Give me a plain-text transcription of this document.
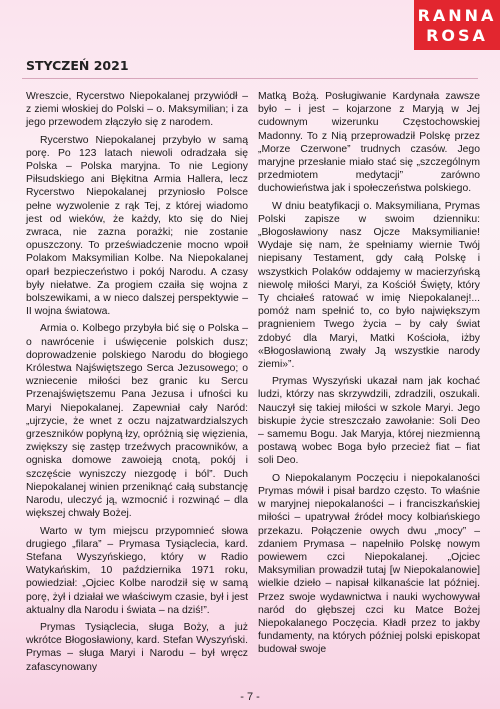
RANNA
ROSA
STYCZEŃ 2021

Wreszcie, Rycerstwo Niepokalanej przywiódł – z ziemi włoskiej do Polski – o. Maksymilian; i za jego przewodem złączyło się z narodem.

Rycerstwo Niepokalanej przybyło w samą porę. Po 123 latach niewoli odradzała się Polska – Polska maryjna. To nie Legiony Piłsudskiego ani Błękitna Armia Hallera, lecz Rycerstwo Niepokalanej przyniosło Polsce pełne wyzwolenie z rąk Tej, z której wiadomo jest od wieków, że każdy, kto się do Niej zwraca, nie zazna porażki; nie zostanie opuszczony. To przeświadczenie mocno wpoił Polakom Maksymilian Kolbe. Na Niepokalanej oparł bezpieczeństwo i pokój Narodu. A czasy były niełatwe. Za progiem czaiła się wojna z bolszewikami, a w nieco dalszej perspektywie – II wojna światowa.

Armia o. Kolbego przybyła bić się o Polska – o nawrócenie i uświęcenie polskich dusz; doprowadzenie polskiego Narodu do błogiego Królestwa Najświętszego Serca Jezusowego; o wzniecenie miłości bez granic ku Sercu Przenajświętszemu Pana Jezusa i ufności ku Maryi Niepokalanej. Zapewniał cały Naród: „ujrzycie, że wnet z oczu najzatwardzialszych grzeszników popłyną łzy, opróżnią się więzienia, zwiększy się zastęp trzeźwych pracowników, a ogniska domowe zawoieją cnotą, pokój i szczęście wyniszczy niezgodę i ból”. Duch Niepokalanej winien przeniknąć całą substancję Narodu, uleczyć ją, wzmocnić i rozwinąć – dla większej chwały Bożej.

Warto w tym miejscu przypomnieć słowa drugiego „filara” – Prymasa Tysiąclecia, kard. Stefana Wyszyńskiego, który w Radio Watykańskim, 10 października 1971 roku, powiedział: „Ojciec Kolbe narodził się w samą porę, żył i działał we właściwym czasie, był i jest aktualny dla Narodu i świata – na dziś!”.

Prymas Tysiąclecia, sługa Boży, a już wkrótce Błogosławiony, kard. Stefan Wyszyński. Prymas – sługa Maryi i Narodu – był wręcz zafascynowany

Matką Bożą. Posługiwanie Kardynała zawsze było – i jest – kojarzone z Maryją w Jej cudownym wizerunku Częstochowskiej Madonny. To z Nią przeprowadził Polskę przez „Morze Czerwone” trudnych czasów. Jego maryjne przesłanie miało stać się „szczególnym przedmiotem medytacji” zarówno duchowieństwa jak i społeczeństwa polskiego.

W dniu beatyfikacji o. Maksymiliana, Prymas Polski zapisze w swoim dzienniku: „Błogosławiony nasz Ojcze Maksymilianie! Wydaje się nam, że spełniamy wiernie Twój niepisany Testament, gdy całą Polskę i wszystkich Polaków oddajemy w macierzyńską niewolę miłości Maryi, za Kościół Święty, który Ty chciałeś ratować w imię Niepokalanej!... pomóż nam spełnić to, co było największym pragnieniem Twego życia – by cały świat zdobyć dla Maryi, Matki Kościoła, iżby «Błogosławioną zwały Ją wszystkie narody ziemi»”.

Prymas Wyszyński ukazał nam jak kochać ludzi, którzy nas skrzywdzili, zdradzili, oszukali. Nauczył się takiej miłości w szkole Maryi. Jego biskupie życie streszczało zawołanie: Soli Deo – samemu Bogu. Jak Maryja, której niezmienną postawą wobec Boga było przecież fiat – fiat soli Deo.

O Niepokalanym Poczęciu i niepokalaności Prymas mówił i pisał bardzo często. To właśnie w maryjnej niepokalaności – i franciszkańskiej miłości – upatrywał źródeł mocy kolbiańskiego przekazu. Połączenie owych dwu „mocy” – zdaniem Prymasa – napełniło Polskę nowym powiewem czci Niepokalanej. „Ojciec Maksymilian prowadził tutaj [w Niepokalanowie] wielkie dzieło – napisał kilkanaście lat później. Przez swoje wydawnictwa i nauki wychowywał naród do głębszej czci ku Matce Bożej Niepokalanego Poczęcia. Kładł przez to jakby fundamenty, na których później polski episkopat budował swoje

- 7 -
